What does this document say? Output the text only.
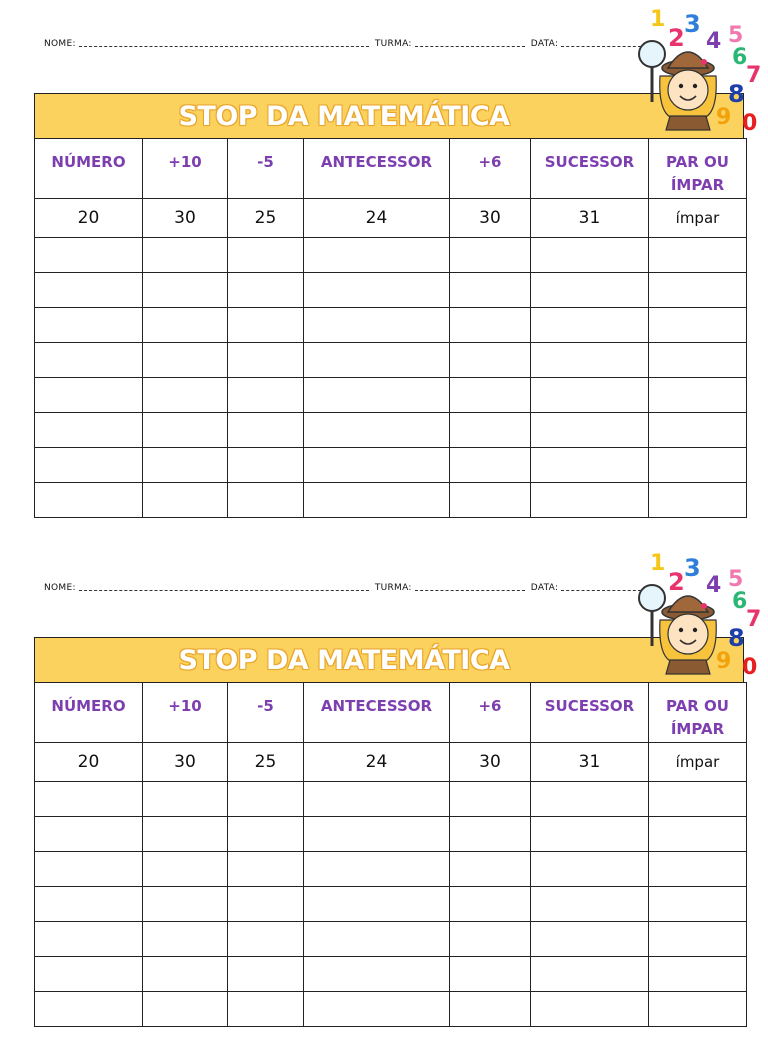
NOME:	TURMA:	DATA:
STOP DA MATEMÁTICA
NÚMERO	+10	-5	ANTECESSOR	+6	SUCESSOR	PAR OU ÍMPAR
20	30	25	24	30	31	ímpar

1
2 3
4 5
6
7
8
9 0
NOME:	TURMA:	DATA:
STOP DA MATEMÁTICA
NÚMERO	+10	-5	ANTECESSOR	+6	SUCESSOR	PAR OU ÍMPAR
20	30	25	24	30	31	ímpar

1
2 3
4 5
6
7
8
9 0
